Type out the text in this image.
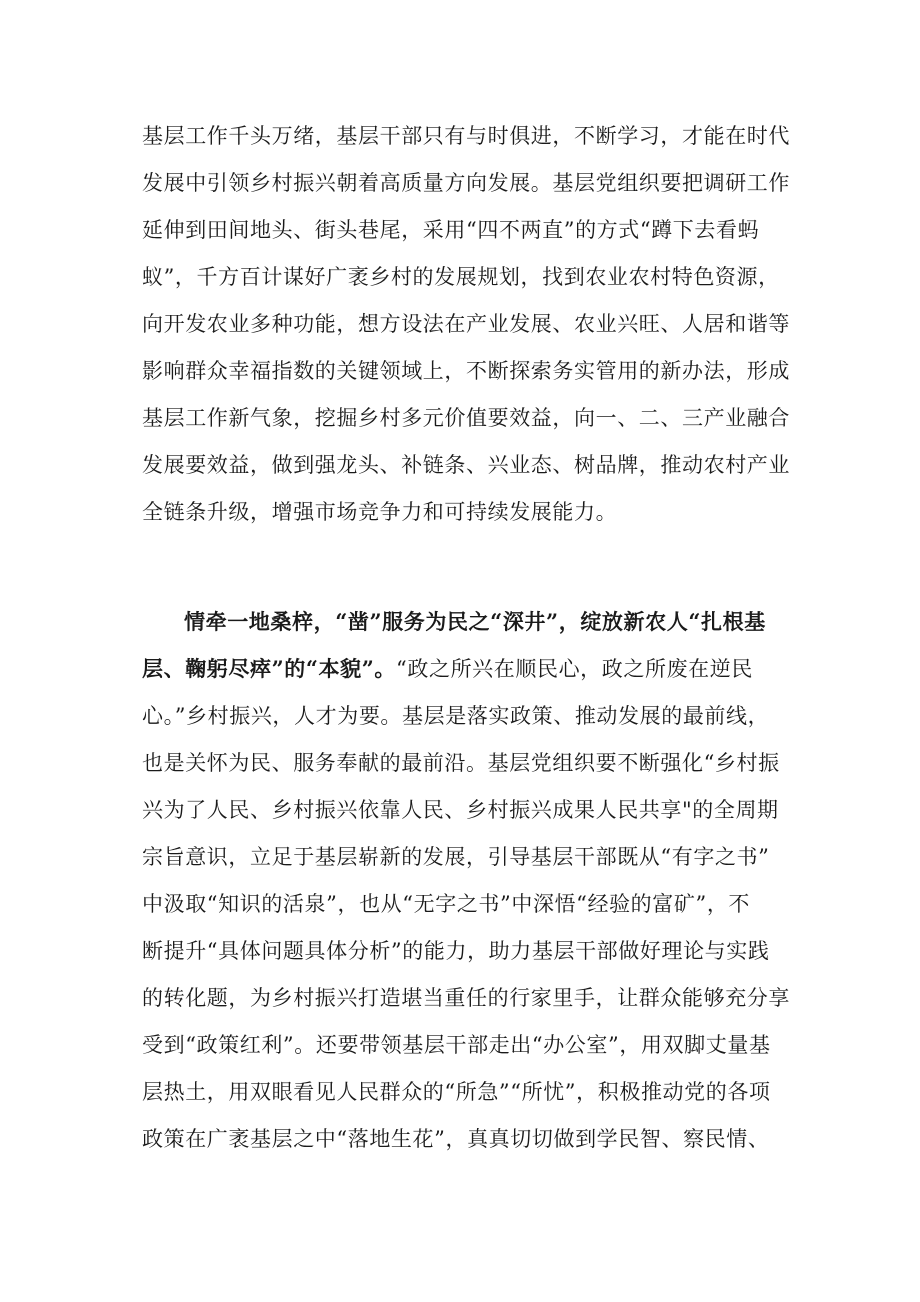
基层工作千头万绪，基层干部只有与时俱进，不断学习，才能在时代
发展中引领乡村振兴朝着高质量方向发展。基层党组织要把调研工作
延伸到田间地头、街头巷尾，采用“四不两直”的方式“蹲下去看蚂
蚁”，千方百计谋好广袤乡村的发展规划，找到农业农村特色资源，
向开发农业多种功能，想方设法在产业发展、农业兴旺、人居和谐等
影响群众幸福指数的关键领域上，不断探索务实管用的新办法，形成
基层工作新气象，挖掘乡村多元价值要效益，向一、二、三产业融合
发展要效益，做到强龙头、补链条、兴业态、树品牌，推动农村产业
全链条升级，增强市场竞争力和可持续发展能力。
情牵一地桑梓，“凿”服务为民之“深井”，绽放新农人“扎根基
层、鞠躬尽瘁”的“本貌”。“政之所兴在顺民心，政之所废在逆民
心。”乡村振兴，人才为要。基层是落实政策、推动发展的最前线，
也是关怀为民、服务奉献的最前沿。基层党组织要不断强化“乡村振
兴为了人民、乡村振兴依靠人民、乡村振兴成果人民共享"的全周期
宗旨意识，立足于基层崭新的发展，引导基层干部既从“有字之书”
中汲取“知识的活泉”，也从“无字之书”中深悟“经验的富矿”，不
断提升“具体问题具体分析”的能力，助力基层干部做好理论与实践
的转化题，为乡村振兴打造堪当重任的行家里手，让群众能够充分享
受到“政策红利”。还要带领基层干部走出“办公室”，用双脚丈量基
层热土，用双眼看见人民群众的“所急”“所忧”，积极推动党的各项
政策在广袤基层之中“落地生花”，真真切切做到学民智、察民情、
